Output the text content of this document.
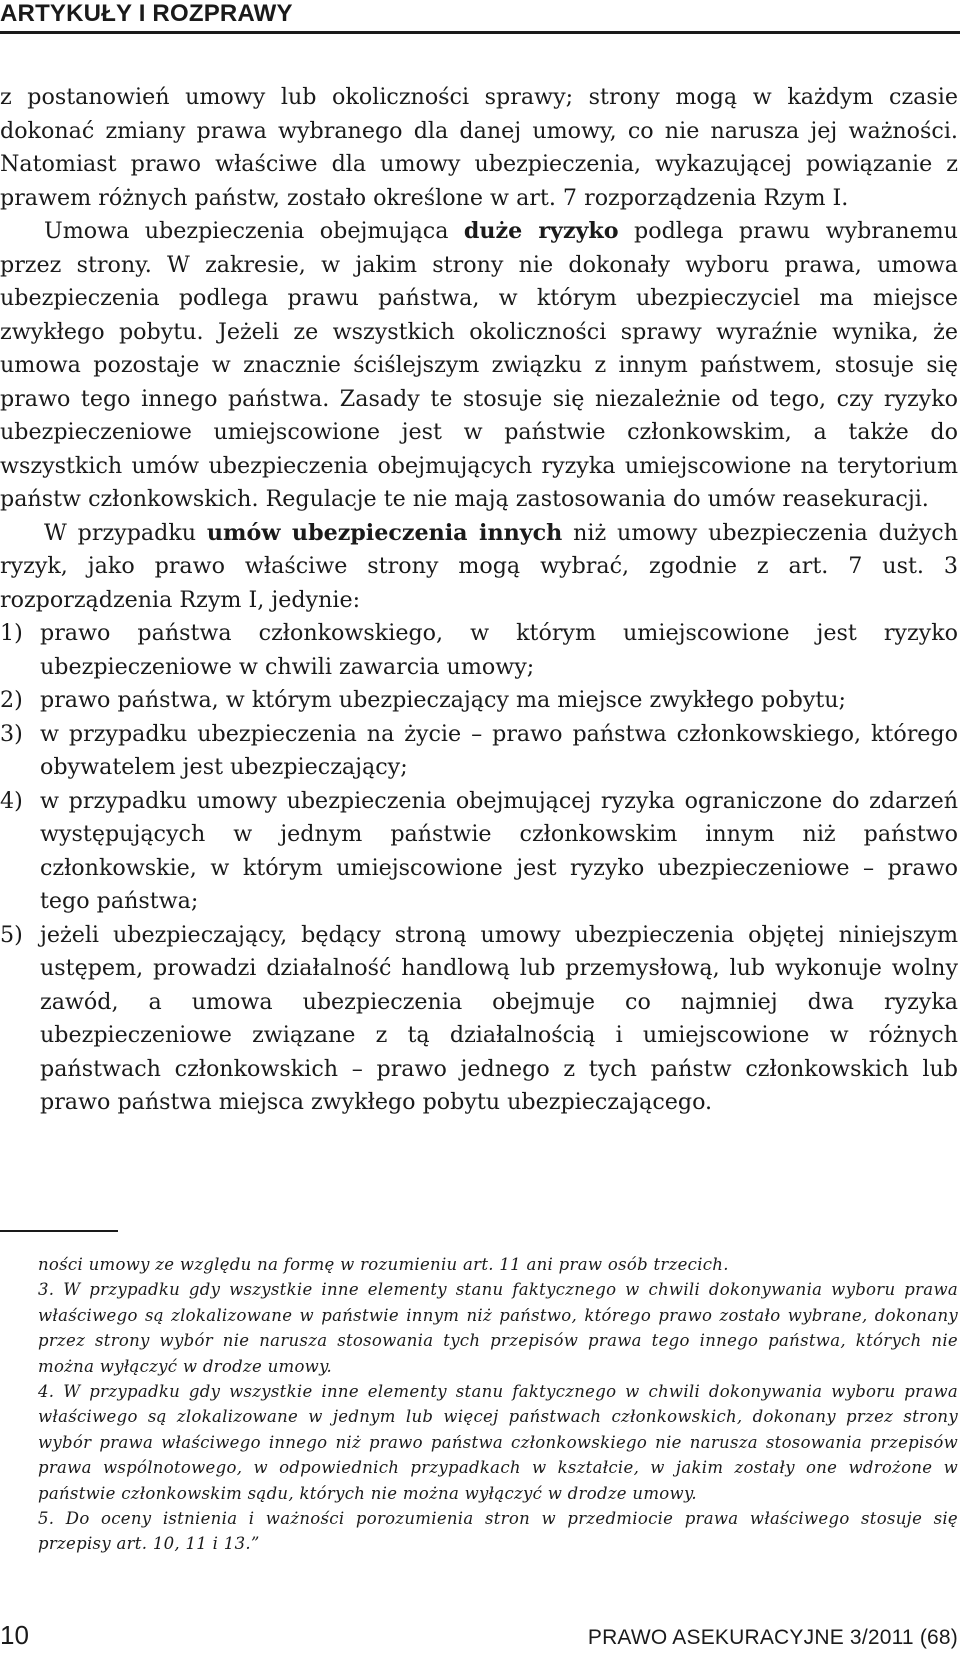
ARTYKUŁY I ROZPRAWY

z postanowień umowy lub okoliczności sprawy; strony mogą w każdym czasie dokonać zmiany prawa wybranego dla danej umowy, co nie narusza jej ważności. Natomiast prawo właściwe dla umowy ubezpieczenia, wykazującej powiązanie z prawem różnych państw, zostało określone w art. 7 rozporządzenia Rzym I.

Umowa ubezpieczenia obejmująca duże ryzyko podlega prawu wybranemu przez strony. W zakresie, w jakim strony nie dokonały wyboru prawa, umowa ubezpieczenia podlega prawu państwa, w którym ubezpieczyciel ma miejsce zwykłego pobytu. Jeżeli ze wszystkich okoliczności sprawy wyraźnie wynika, że umowa pozostaje w znacznie ściślejszym związku z innym państwem, stosuje się prawo tego innego państwa. Zasady te stosuje się niezależnie od tego, czy ryzyko ubezpieczeniowe umiejscowione jest w państwie członkowskim, a także do wszystkich umów ubezpieczenia obejmujących ryzyka umiejscowione na terytorium państw członkowskich. Regulacje te nie mają zastosowania do umów reasekuracji.

W przypadku umów ubezpieczenia innych niż umowy ubezpieczenia dużych ryzyk, jako prawo właściwe strony mogą wybrać, zgodnie z art. 7 ust. 3 rozporządzenia Rzym I, jedynie:

1) prawo państwa członkowskiego, w którym umiejscowione jest ryzyko ubezpieczeniowe w chwili zawarcia umowy;
2) prawo państwa, w którym ubezpieczający ma miejsce zwykłego pobytu;
3) w przypadku ubezpieczenia na życie – prawo państwa członkowskiego, którego obywatelem jest ubezpieczający;
4) w przypadku umowy ubezpieczenia obejmującej ryzyka ograniczone do zdarzeń występujących w jednym państwie członkowskim innym niż państwo członkowskie, w którym umiejscowione jest ryzyko ubezpieczeniowe – prawo tego państwa;
5) jeżeli ubezpieczający, będący stroną umowy ubezpieczenia objętej niniejszym ustępem, prowadzi działalność handlową lub przemysłową, lub wykonuje wolny zawód, a umowa ubezpieczenia obejmuje co najmniej dwa ryzyka ubezpieczeniowe związane z tą działalnością i umiejscowione w różnych państwach członkowskich – prawo jednego z tych państw członkowskich lub prawo państwa miejsca zwykłego pobytu ubezpieczającego.

ności umowy ze względu na formę w rozumieniu art. 11 ani praw osób trzecich.

3. W przypadku gdy wszystkie inne elementy stanu faktycznego w chwili dokonywania wyboru prawa właściwego są zlokalizowane w państwie innym niż państwo, którego prawo zostało wybrane, dokonany przez strony wybór nie narusza stosowania tych przepisów prawa tego innego państwa, których nie można wyłączyć w drodze umowy.

4. W przypadku gdy wszystkie inne elementy stanu faktycznego w chwili dokonywania wyboru prawa właściwego są zlokalizowane w jednym lub więcej państwach członkowskich, dokonany przez strony wybór prawa właściwego innego niż prawo państwa członkowskiego nie narusza stosowania przepisów prawa wspólnotowego, w odpowiednich przypadkach w kształcie, w jakim zostały one wdrożone w państwie członkowskim sądu, których nie można wyłączyć w drodze umowy.

5. Do oceny istnienia i ważności porozumienia stron w przedmiocie prawa właściwego stosuje się przepisy art. 10, 11 i 13.”

10	PRAWO ASEKURACYJNE 3/2011 (68)
